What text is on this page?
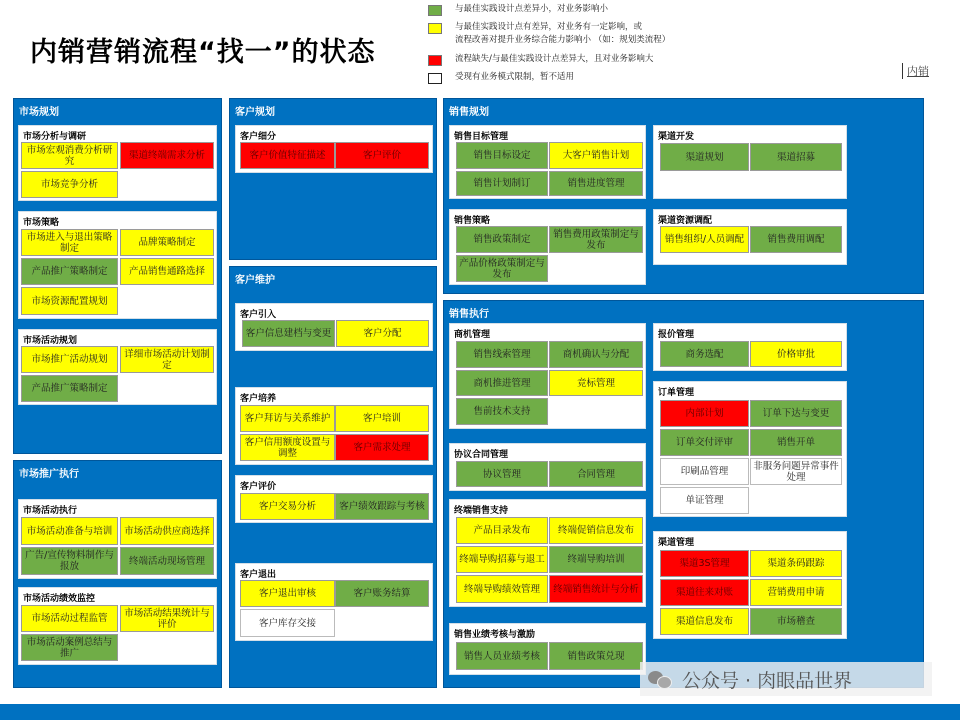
内销营销流程“找一”的状态
与最佳实践设计点差异小，对业务影响小
与最佳实践设计点有差异，对业务有一定影响，或
流程改善对提升业务综合能力影响小 （如：规划类流程）
流程缺失/与最佳实践设计点差异大，且对业务影响大
受现有业务模式限制，暂不适用	内销
市场规划
市场分析与调研
市场宏观消费分析研究	渠道终端需求分析
市场竞争分析
市场策略
市场进入与退出策略制定	品牌策略制定
产品推广策略制定	产品销售通路选择
市场资源配置规划
市场活动规划
市场推广活动规划	详细市场活动计划制定
产品推广策略制定
市场推广执行
市场活动执行
市场活动准备与培训	市场活动供应商选择
广告/宣传物料制作与报放	终端活动现场管理
市场活动绩效监控
市场活动过程监管	市场活动结果统计与评价
市场活动案例总结与推广
客户规划
客户细分
客户价值特征描述	客户评价
客户维护
客户引入
客户信息建档与变更	客户分配
客户培养
客户拜访与关系维护	客户培训
客户信用额度设置与调整	客户需求处理
客户评价
客户交易分析	客户绩效跟踪与考核
客户退出
客户退出审核	客户账务结算
客户库存交接
销售规划
销售目标管理
销售目标设定	大客户销售计划
销售计划制订	销售进度管理
销售策略
销售政策制定	销售费用政策制定与发布
产品价格政策制定与发布
渠道开发
渠道规划	渠道招募
渠道资源调配
销售组织/人员调配	销售费用调配
销售执行
商机管理
销售线索管理	商机确认与分配
商机推进管理	竞标管理
售前技术支持
协议合同管理
协议管理	合同管理
终端销售支持
产品目录发布	终端促销信息发布
终端导购招募与退工	终端导购培训
终端导购绩效管理	终端销售统计与分析
销售业绩考核与激励
销售人员业绩考核	销售政策兑现
报价管理
商务选配	价格审批
订单管理
内部计划	订单下达与变更
订单交付评审	销售开单
印刷品管理	非服务问题异常事件处理
单证管理
渠道管理
渠道3S管理	渠道条码跟踪
渠道往来对账	营销费用申请
渠道信息发布	市场稽查
公众号 · 肉眼品世界
